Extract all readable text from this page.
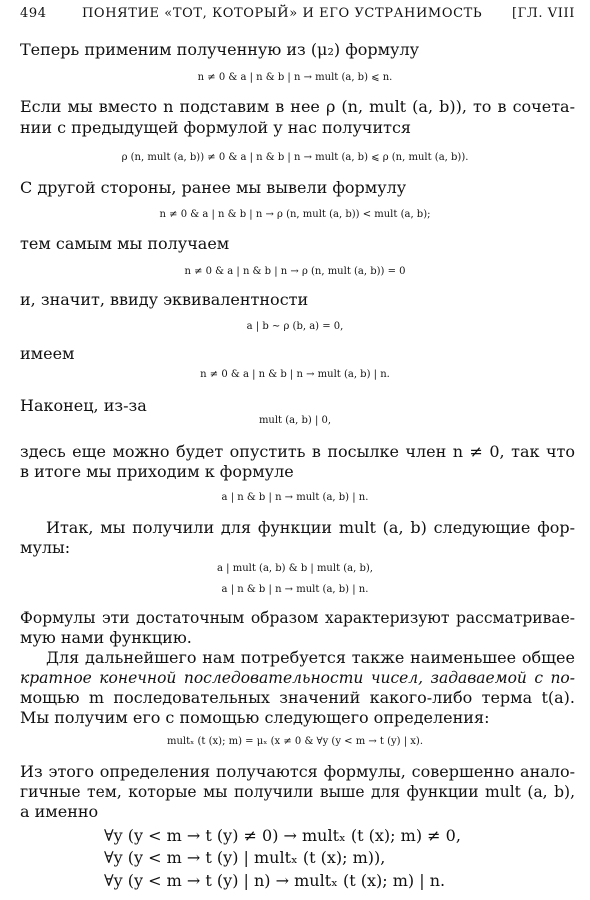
494	ПОНЯТИЕ «ТОТ, КОТОРЫЙ» И ЕГО УСТРАНИМОСТЬ [ГЛ. VIII
Теперь применим полученную из (μ₂) формулу
n ≠ 0 & a | n & b | n → mult (a, b) ⩽ n.
Если мы вместо n подставим в нее ρ (n, mult (a, b)), то в сочета-
нии с предыдущей формулой у нас получится
ρ (n, mult (a, b)) ≠ 0 & a | n & b | n → mult (a, b) ⩽ ρ (n, mult (a, b)).
С другой стороны, ранее мы вывели формулу
n ≠ 0 & a | n & b | n → ρ (n, mult (a, b)) < mult (a, b);
тем самым мы получаем
n ≠ 0 & a | n & b | n → ρ (n, mult (a, b)) = 0
и, значит, ввиду эквивалентности
a | b ∼ ρ (b, a) = 0,
имеем
n ≠ 0 & a | n & b | n → mult (a, b) | n.
Наконец, из-за
mult (a, b) | 0,
здесь еще можно будет опустить в посылке член n ≠ 0, так что
в итоге мы приходим к формуле
a | n & b | n → mult (a, b) | n.
Итак, мы получили для функции mult (a, b) следующие фор-
мулы:
a | mult (a, b) & b | mult (a, b),
a | n & b | n → mult (a, b) | n.
Формулы эти достаточным образом характеризуют рассматривае-
мую нами функцию.
Для дальнейшего нам потребуется также наименьшее общее
кратное конечной последовательности чисел, задаваемой с по-
мощью m последовательных значений какого-либо терма t(a).
Мы получим его с помощью следующего определения:
multₓ (t (x); m) = μₓ (x ≠ 0 & ∀y (y < m → t (y) | x).
Из этого определения получаются формулы, совершенно анало-
гичные тем, которые мы получили выше для функции mult (a, b),
а именно
∀y (y < m → t (y) ≠ 0) → multₓ (t (x); m) ≠ 0,
∀y (y < m → t (y) | multₓ (t (x); m)),
∀y (y < m → t (y) | n) → multₓ (t (x); m) | n.
